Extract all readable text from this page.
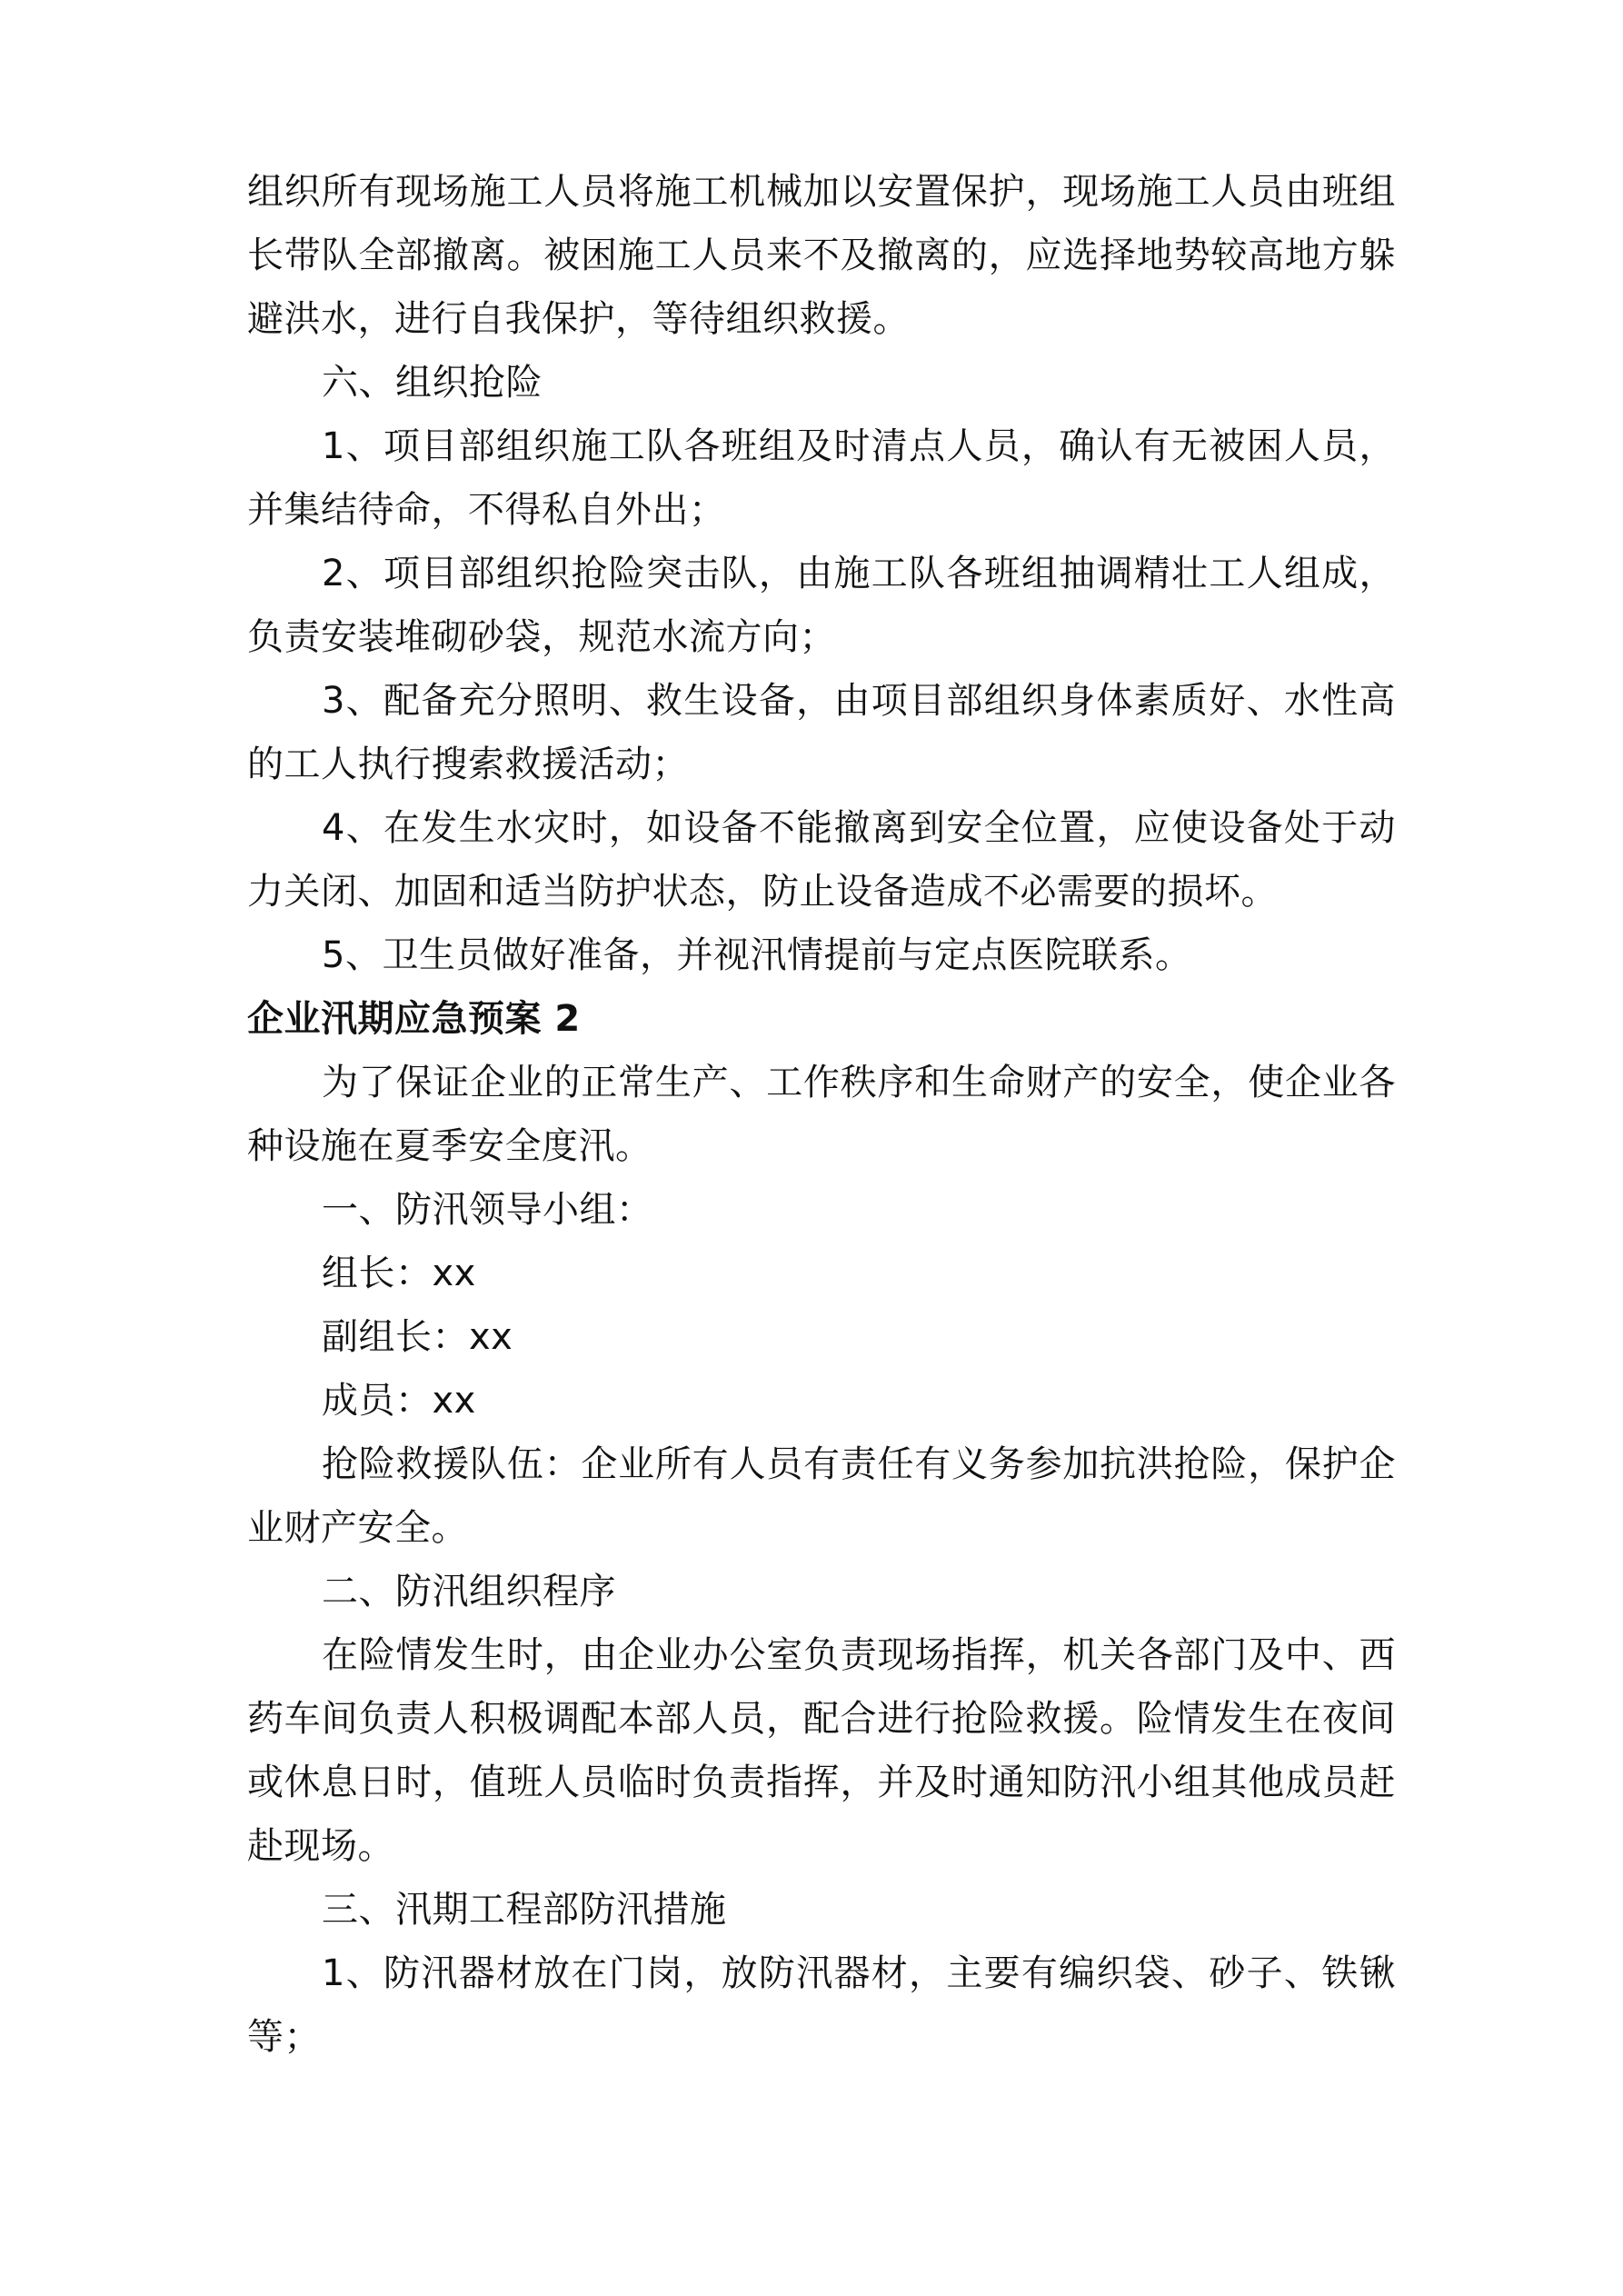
组织所有现场施工人员将施工机械加以安置保护，现场施工人员由班组长带队全部撤离。被困施工人员来不及撤离的，应选择地势较高地方躲避洪水，进行自我保护，等待组织救援。

六、组织抢险

1、项目部组织施工队各班组及时清点人员，确认有无被困人员，并集结待命，不得私自外出；

2、项目部组织抢险突击队，由施工队各班组抽调精壮工人组成，负责安装堆砌砂袋，规范水流方向；

3、配备充分照明、救生设备，由项目部组织身体素质好、水性高的工人执行搜索救援活动；

4、在发生水灾时，如设备不能撤离到安全位置，应使设备处于动力关闭、加固和适当防护状态，防止设备造成不必需要的损坏。

5、卫生员做好准备，并视汛情提前与定点医院联系。

企业汛期应急预案 2

为了保证企业的正常生产、工作秩序和生命财产的安全，使企业各种设施在夏季安全度汛。

一、防汛领导小组：

组长：xx

副组长：xx

成员：xx

抢险救援队伍：企业所有人员有责任有义务参加抗洪抢险，保护企业财产安全。

二、防汛组织程序

在险情发生时，由企业办公室负责现场指挥，机关各部门及中、西药车间负责人积极调配本部人员，配合进行抢险救援。险情发生在夜间或休息日时，值班人员临时负责指挥，并及时通知防汛小组其他成员赶赴现场。

三、汛期工程部防汛措施

1、防汛器材放在门岗，放防汛器材，主要有编织袋、砂子、铁锹等；
